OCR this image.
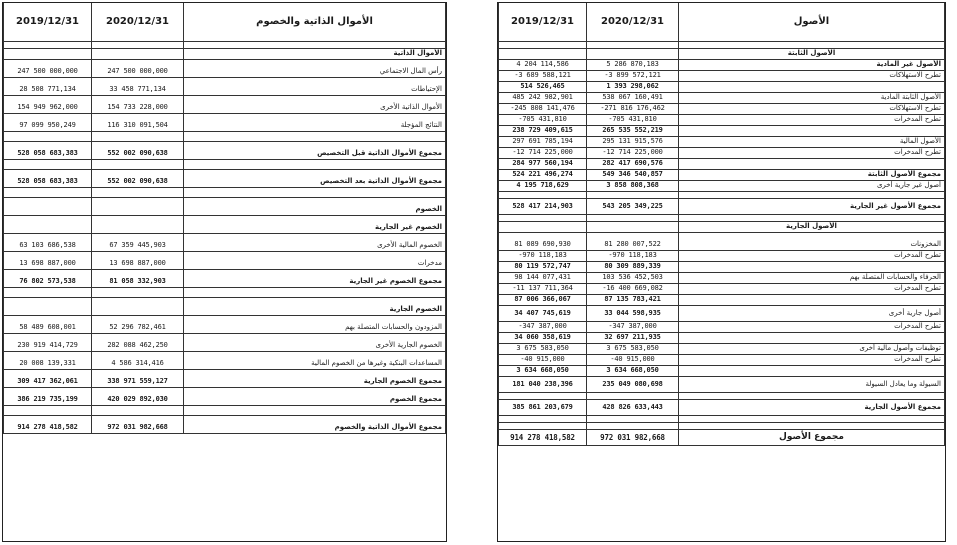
2019/12/31	2020/12/31	الأموال الذاتية والخصوم

		الأموال الذاتية

247 500 000,000	247 500 000,000	رأس المال الاجتماعي

28 508 771,134	33 458 771,134	الإحتياطات

154 949 962,000	154 733 228,000	الأموال الذاتية الأخرى

97 099 950,249	116 310 091,504	النتائج المؤجلة

528 058 683,383	552 002 090,638	مجموع الأموال الذاتية قبل التخصيص

528 058 683,383	552 002 090,638	مجموع الأموال الذاتية بعد التخصيص

		الخصوم

		الخصوم غير الجارية

63 103 686,538	67 359 445,903	الخصوم المالية الأخرى

13 698 887,000	13 698 887,000	مدخرات

76 802 573,538	81 058 332,903	مجموع الخصوم غير الجارية

		الخصوم الجارية

58 489 608,001	52 296 782,461	المزودون والحسابات المتصلة بهم

230 919 414,729	282 088 462,250	الخصوم الجارية الأخرى

20 008 139,331	4 586 314,416	المساعدات البنكية وغيرها من الخصوم المالية

309 417 362,061	338 971 559,127	مجموع الخصوم الجارية

386 219 735,199	420 029 892,030	مجموع الخصوم

914 278 418,582	972 031 982,668	مجموع الأموال الذاتية والخصوم
2019/12/31	2020/12/31	الأصول

		الأصول الثابتة
4 204 114,586	5 286 870,183	الأصول غير المادية
-3 689 588,121	-3 899 572,121	تطرح الاستهلاكات
514 526,465	1 393 298,062	
485 242 982,901	538 067 160,491	الأصول الثابتة المادية
-245 808 141,476	-271 816 176,462	تطرح الاستهلاكات
-705 431,810	-705 431,810	تطرح المدخرات
238 729 409,615	265 535 552,219	
297 691 785,194	295 131 915,576	الأصول المالية
-12 714 225,000	-12 714 225,000	تطرح المدخرات
284 977 560,194	282 417 690,576	
524 221 496,274	549 346 540,857	مجموع الأصول الثابتة
4 195 718,629	3 858 808,368	أصول غير جارية أخرى

528 417 214,903	543 205 349,225	مجموع الأصول غير الجارية

		الأصول الجارية

81 089 690,930	81 280 007,522	المخزونات
-970 118,183	-970 118,183	تطرح المدخرات
80 119 572,747	80 309 889,339	
98 144 077,431	103 536 452,503	الحرفاء والحسابات المتصلة بهم
-11 137 711,364	-16 400 669,082	تطرح المدخرات
87 006 366,067	87 135 783,421	
34 407 745,619	33 044 598,935	أصول جارية أخرى
-347 387,000	-347 387,000	تطرح المدخرات
34 060 358,619	32 697 211,935	
3 675 583,050	3 675 583,050	توظيفات وأصول مالية أخرى
-40 915,000	-40 915,000	تطرح المدخرات
3 634 668,050	3 634 668,050	
181 040 238,396	235 049 080,698	السيولة وما يعادل السيولة

385 861 203,679	428 826 633,443	مجموع الأصول الجارية

914 278 418,582	972 031 982,668	مجموع الأصول
